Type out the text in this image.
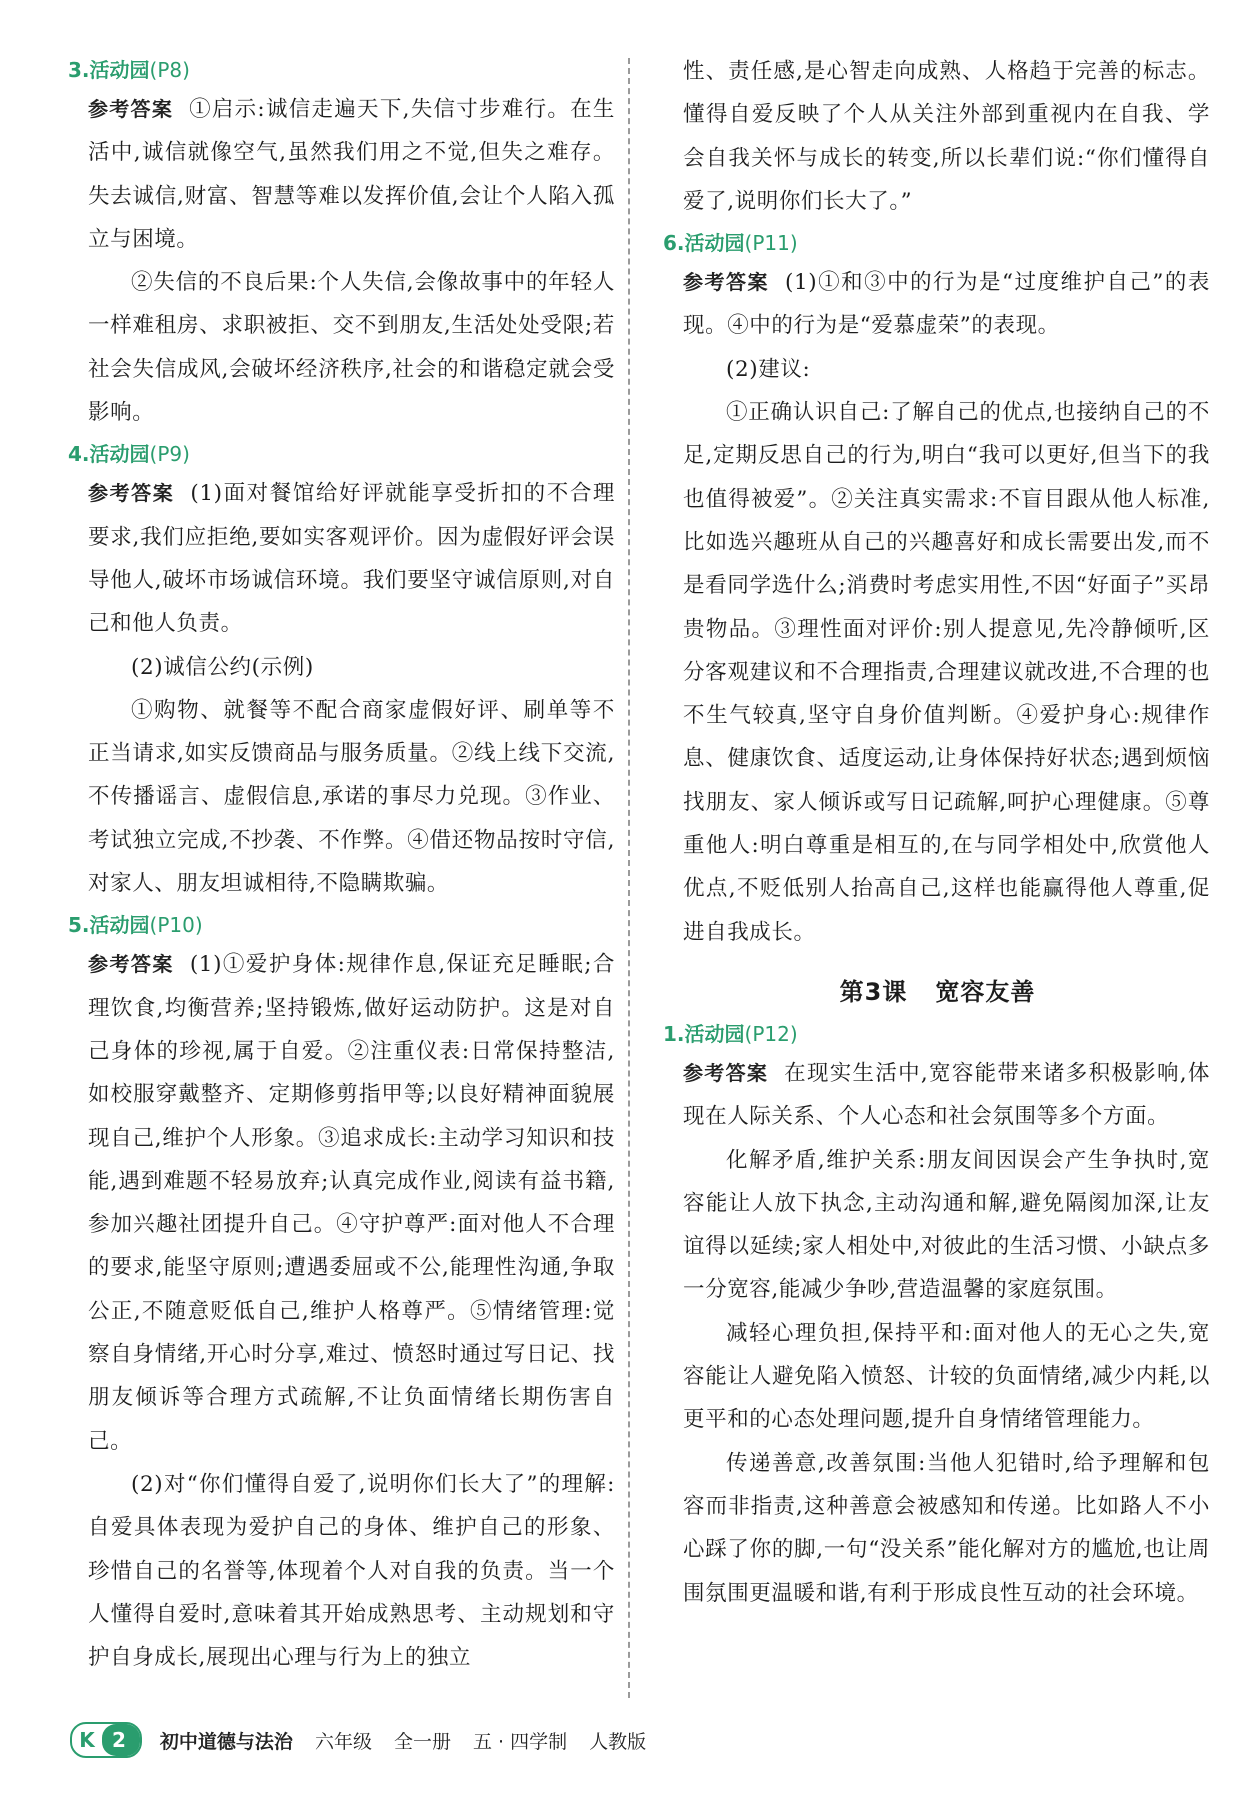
3.活动园(P8)

参考答案 ①启示:诚信走遍天下,失信寸步难行。在生活中,诚信就像空气,虽然我们用之不觉,但失之难存。失去诚信,财富、智慧等难以发挥价值,会让个人陷入孤立与困境。

②失信的不良后果:个人失信,会像故事中的年轻人一样难租房、求职被拒、交不到朋友,生活处处受限;若社会失信成风,会破坏经济秩序,社会的和谐稳定就会受影响。

4.活动园(P9)

参考答案 (1)面对餐馆给好评就能享受折扣的不合理要求,我们应拒绝,要如实客观评价。因为虚假好评会误导他人,破坏市场诚信环境。我们要坚守诚信原则,对自己和他人负责。

(2)诚信公约(示例)

①购物、就餐等不配合商家虚假好评、刷单等不正当请求,如实反馈商品与服务质量。②线上线下交流,不传播谣言、虚假信息,承诺的事尽力兑现。③作业、考试独立完成,不抄袭、不作弊。④借还物品按时守信,对家人、朋友坦诚相待,不隐瞒欺骗。

5.活动园(P10)

参考答案 (1)①爱护身体:规律作息,保证充足睡眠;合理饮食,均衡营养;坚持锻炼,做好运动防护。这是对自己身体的珍视,属于自爱。②注重仪表:日常保持整洁,如校服穿戴整齐、定期修剪指甲等;以良好精神面貌展现自己,维护个人形象。③追求成长:主动学习知识和技能,遇到难题不轻易放弃;认真完成作业,阅读有益书籍,参加兴趣社团提升自己。④守护尊严:面对他人不合理的要求,能坚守原则;遭遇委屈或不公,能理性沟通,争取公正,不随意贬低自己,维护人格尊严。⑤情绪管理:觉察自身情绪,开心时分享,难过、愤怒时通过写日记、找朋友倾诉等合理方式疏解,不让负面情绪长期伤害自己。

(2)对“你们懂得自爱了,说明你们长大了”的理解:自爱具体表现为爱护自己的身体、维护自己的形象、珍惜自己的名誉等,体现着个人对自我的负责。当一个人懂得自爱时,意味着其开始成熟思考、主动规划和守护自身成长,展现出心理与行为上的独立

性、责任感,是心智走向成熟、人格趋于完善的标志。懂得自爱反映了个人从关注外部到重视内在自我、学会自我关怀与成长的转变,所以长辈们说:“你们懂得自爱了,说明你们长大了。”

6.活动园(P11)

参考答案 (1)①和③中的行为是“过度维护自己”的表现。④中的行为是“爱慕虚荣”的表现。

(2)建议:

①正确认识自己:了解自己的优点,也接纳自己的不足,定期反思自己的行为,明白“我可以更好,但当下的我也值得被爱”。②关注真实需求:不盲目跟从他人标准,比如选兴趣班从自己的兴趣喜好和成长需要出发,而不是看同学选什么;消费时考虑实用性,不因“好面子”买昂贵物品。③理性面对评价:别人提意见,先冷静倾听,区分客观建议和不合理指责,合理建议就改进,不合理的也不生气较真,坚守自身价值判断。④爱护身心:规律作息、健康饮食、适度运动,让身体保持好状态;遇到烦恼找朋友、家人倾诉或写日记疏解,呵护心理健康。⑤尊重他人:明白尊重是相互的,在与同学相处中,欣赏他人优点,不贬低别人抬高自己,这样也能赢得他人尊重,促进自我成长。

第3课 宽容友善
1.活动园(P12)

参考答案 在现实生活中,宽容能带来诸多积极影响,体现在人际关系、个人心态和社会氛围等多个方面。

化解矛盾,维护关系:朋友间因误会产生争执时,宽容能让人放下执念,主动沟通和解,避免隔阂加深,让友谊得以延续;家人相处中,对彼此的生活习惯、小缺点多一分宽容,能减少争吵,营造温馨的家庭氛围。

减轻心理负担,保持平和:面对他人的无心之失,宽容能让人避免陷入愤怒、计较的负面情绪,减少内耗,以更平和的心态处理问题,提升自身情绪管理能力。

传递善意,改善氛围:当他人犯错时,给予理解和包容而非指责,这种善意会被感知和传递。比如路人不小心踩了你的脚,一句“没关系”能化解对方的尴尬,也让周围氛围更温暖和谐,有利于形成良性互动的社会环境。

K 2	初中道德与法治 六年级 全一册 五 · 四学制 人教版
